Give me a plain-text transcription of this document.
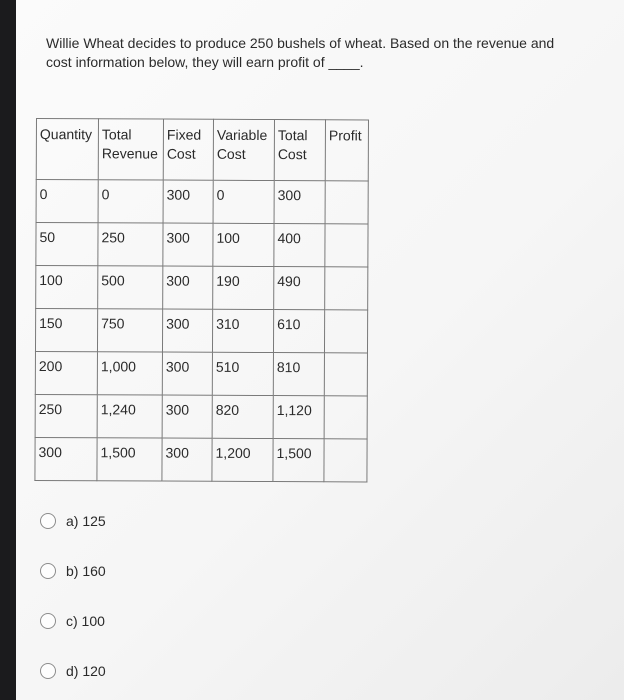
Willie Wheat decides to produce 250 bushels of wheat. Based on the revenue and cost information below, they will earn profit of ____.

Quantity	Total Revenue	Fixed Cost	Variable Cost	Total Cost	Profit
0	0	300	0	300	
50	250	300	100	400	
100	500	300	190	490	
150	750	300	310	610	
200	1,000	300	510	810	
250	1,240	300	820	1,120	
300	1,500	300	1,200	1,500	
a) 125
b) 160
c) 100
d) 120
